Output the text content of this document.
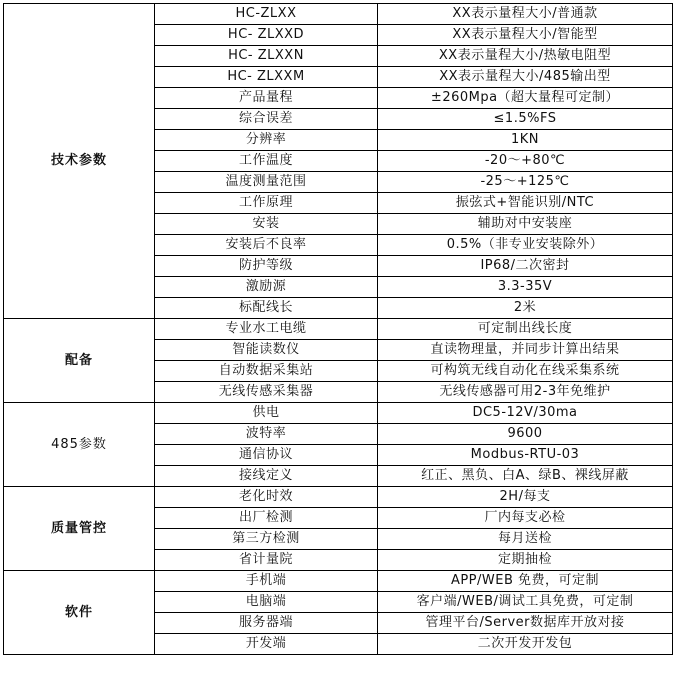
技术参数	HC-ZLXX	XX表示量程大小/普通款
	HC- ZLXXD	XX表示量程大小/智能型
	HC- ZLXXN	XX表示量程大小/热敏电阻型
	HC- ZLXXM	XX表示量程大小/485输出型
	产品量程	±260Mpa（超大量程可定制）
	综合误差	≤1.5%FS
	分辨率	1KN
	工作温度	-20～+80℃
	温度测量范围	-25～+125℃
	工作原理	振弦式+智能识别/NTC
	安装	辅助对中安装座
	安装后不良率	0.5%（非专业安装除外）
	防护等级	IP68/二次密封
	激励源	3.3-35V
	标配线长	2米
配备	专业水工电缆	可定制出线长度
	智能读数仪	直读物理量，并同步计算出结果
	自动数据采集站	可构筑无线自动化在线采集系统
	无线传感采集器	无线传感器可用2-3年免维护
485参数	供电	DC5-12V/30ma
	波特率	9600
	通信协议	Modbus-RTU-03
	接线定义	红正、黑负、白A、绿B、裸线屏蔽
质量管控	老化时效	2H/每支
	出厂检测	厂内每支必检
	第三方检测	每月送检
	省计量院	定期抽检
软件	手机端	APP/WEB 免费，可定制
	电脑端	客户端/WEB/调试工具免费，可定制
	服务器端	管理平台/Server数据库开放对接
	开发端	二次开发开发包
